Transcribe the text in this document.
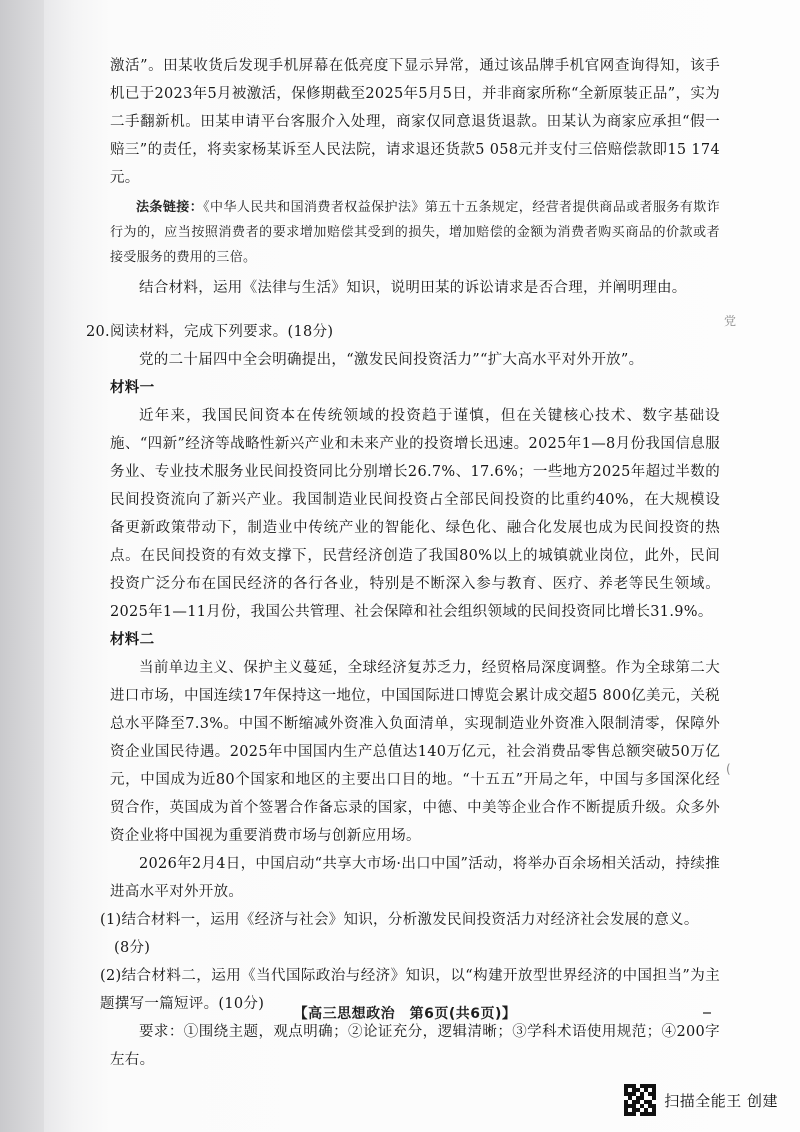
激活”。田某收货后发现手机屏幕在低亮度下显示异常，通过该品牌手机官网查询得知，该手机已于2023年5月被激活，保修期截至2025年5月5日，并非商家所称“全新原装正品”，实为二手翻新机。田某申请平台客服介入处理，商家仅同意退货退款。田某认为商家应承担“假一赔三”的责任，将卖家杨某诉至人民法院，请求退还货款5 058元并支付三倍赔偿款即15 174元。

法条链接：《中华人民共和国消费者权益保护法》第五十五条规定，经营者提供商品或者服务有欺诈行为的，应当按照消费者的要求增加赔偿其受到的损失，增加赔偿的金额为消费者购买商品的价款或者接受服务的费用的三倍。

结合材料，运用《法律与生活》知识，说明田某的诉讼请求是否合理，并阐明理由。

20.阅读材料，完成下列要求。(18分)

党的二十届四中全会明确提出，“激发民间投资活力”“扩大高水平对外开放”。

材料一

近年来，我国民间资本在传统领域的投资趋于谨慎，但在关键核心技术、数字基础设施、“四新”经济等战略性新兴产业和未来产业的投资增长迅速。2025年1—8月份我国信息服务业、专业技术服务业民间投资同比分别增长26.7%、17.6%；一些地方2025年超过半数的民间投资流向了新兴产业。我国制造业民间投资占全部民间投资的比重约40%，在大规模设备更新政策带动下，制造业中传统产业的智能化、绿色化、融合化发展也成为民间投资的热点。在民间投资的有效支撑下，民营经济创造了我国80%以上的城镇就业岗位，此外，民间投资广泛分布在国民经济的各行各业，特别是不断深入参与教育、医疗、养老等民生领域。2025年1—11月份，我国公共管理、社会保障和社会组织领域的民间投资同比增长31.9%。

材料二

当前单边主义、保护主义蔓延，全球经济复苏乏力，经贸格局深度调整。作为全球第二大进口市场，中国连续17年保持这一地位，中国国际进口博览会累计成交超5 800亿美元，关税总水平降至7.3%。中国不断缩减外资准入负面清单，实现制造业外资准入限制清零，保障外资企业国民待遇。2025年中国国内生产总值达140万亿元，社会消费品零售总额突破50万亿元，中国成为近80个国家和地区的主要出口目的地。“十五五”开局之年，中国与多国深化经贸合作，英国成为首个签署合作备忘录的国家，中德、中美等企业合作不断提质升级。众多外资企业将中国视为重要消费市场与创新应用场。

2026年2月4日，中国启动“共享大市场·出口中国”活动，将举办百余场相关活动，持续推进高水平对外开放。

(1)结合材料一，运用《经济与社会》知识，分析激发民间投资活力对经济社会发展的意义。

(8分)

(2)结合材料二，运用《当代国际政治与经济》知识，以“构建开放型世界经济的中国担当”为主题撰写一篇短评。(10分)

要求：①围绕主题，观点明确；②论证充分，逻辑清晰；③学科术语使用规范；④200字左右。

党
(
【高三思想政治　第6页(共6页)】
扫描全能王 创建
